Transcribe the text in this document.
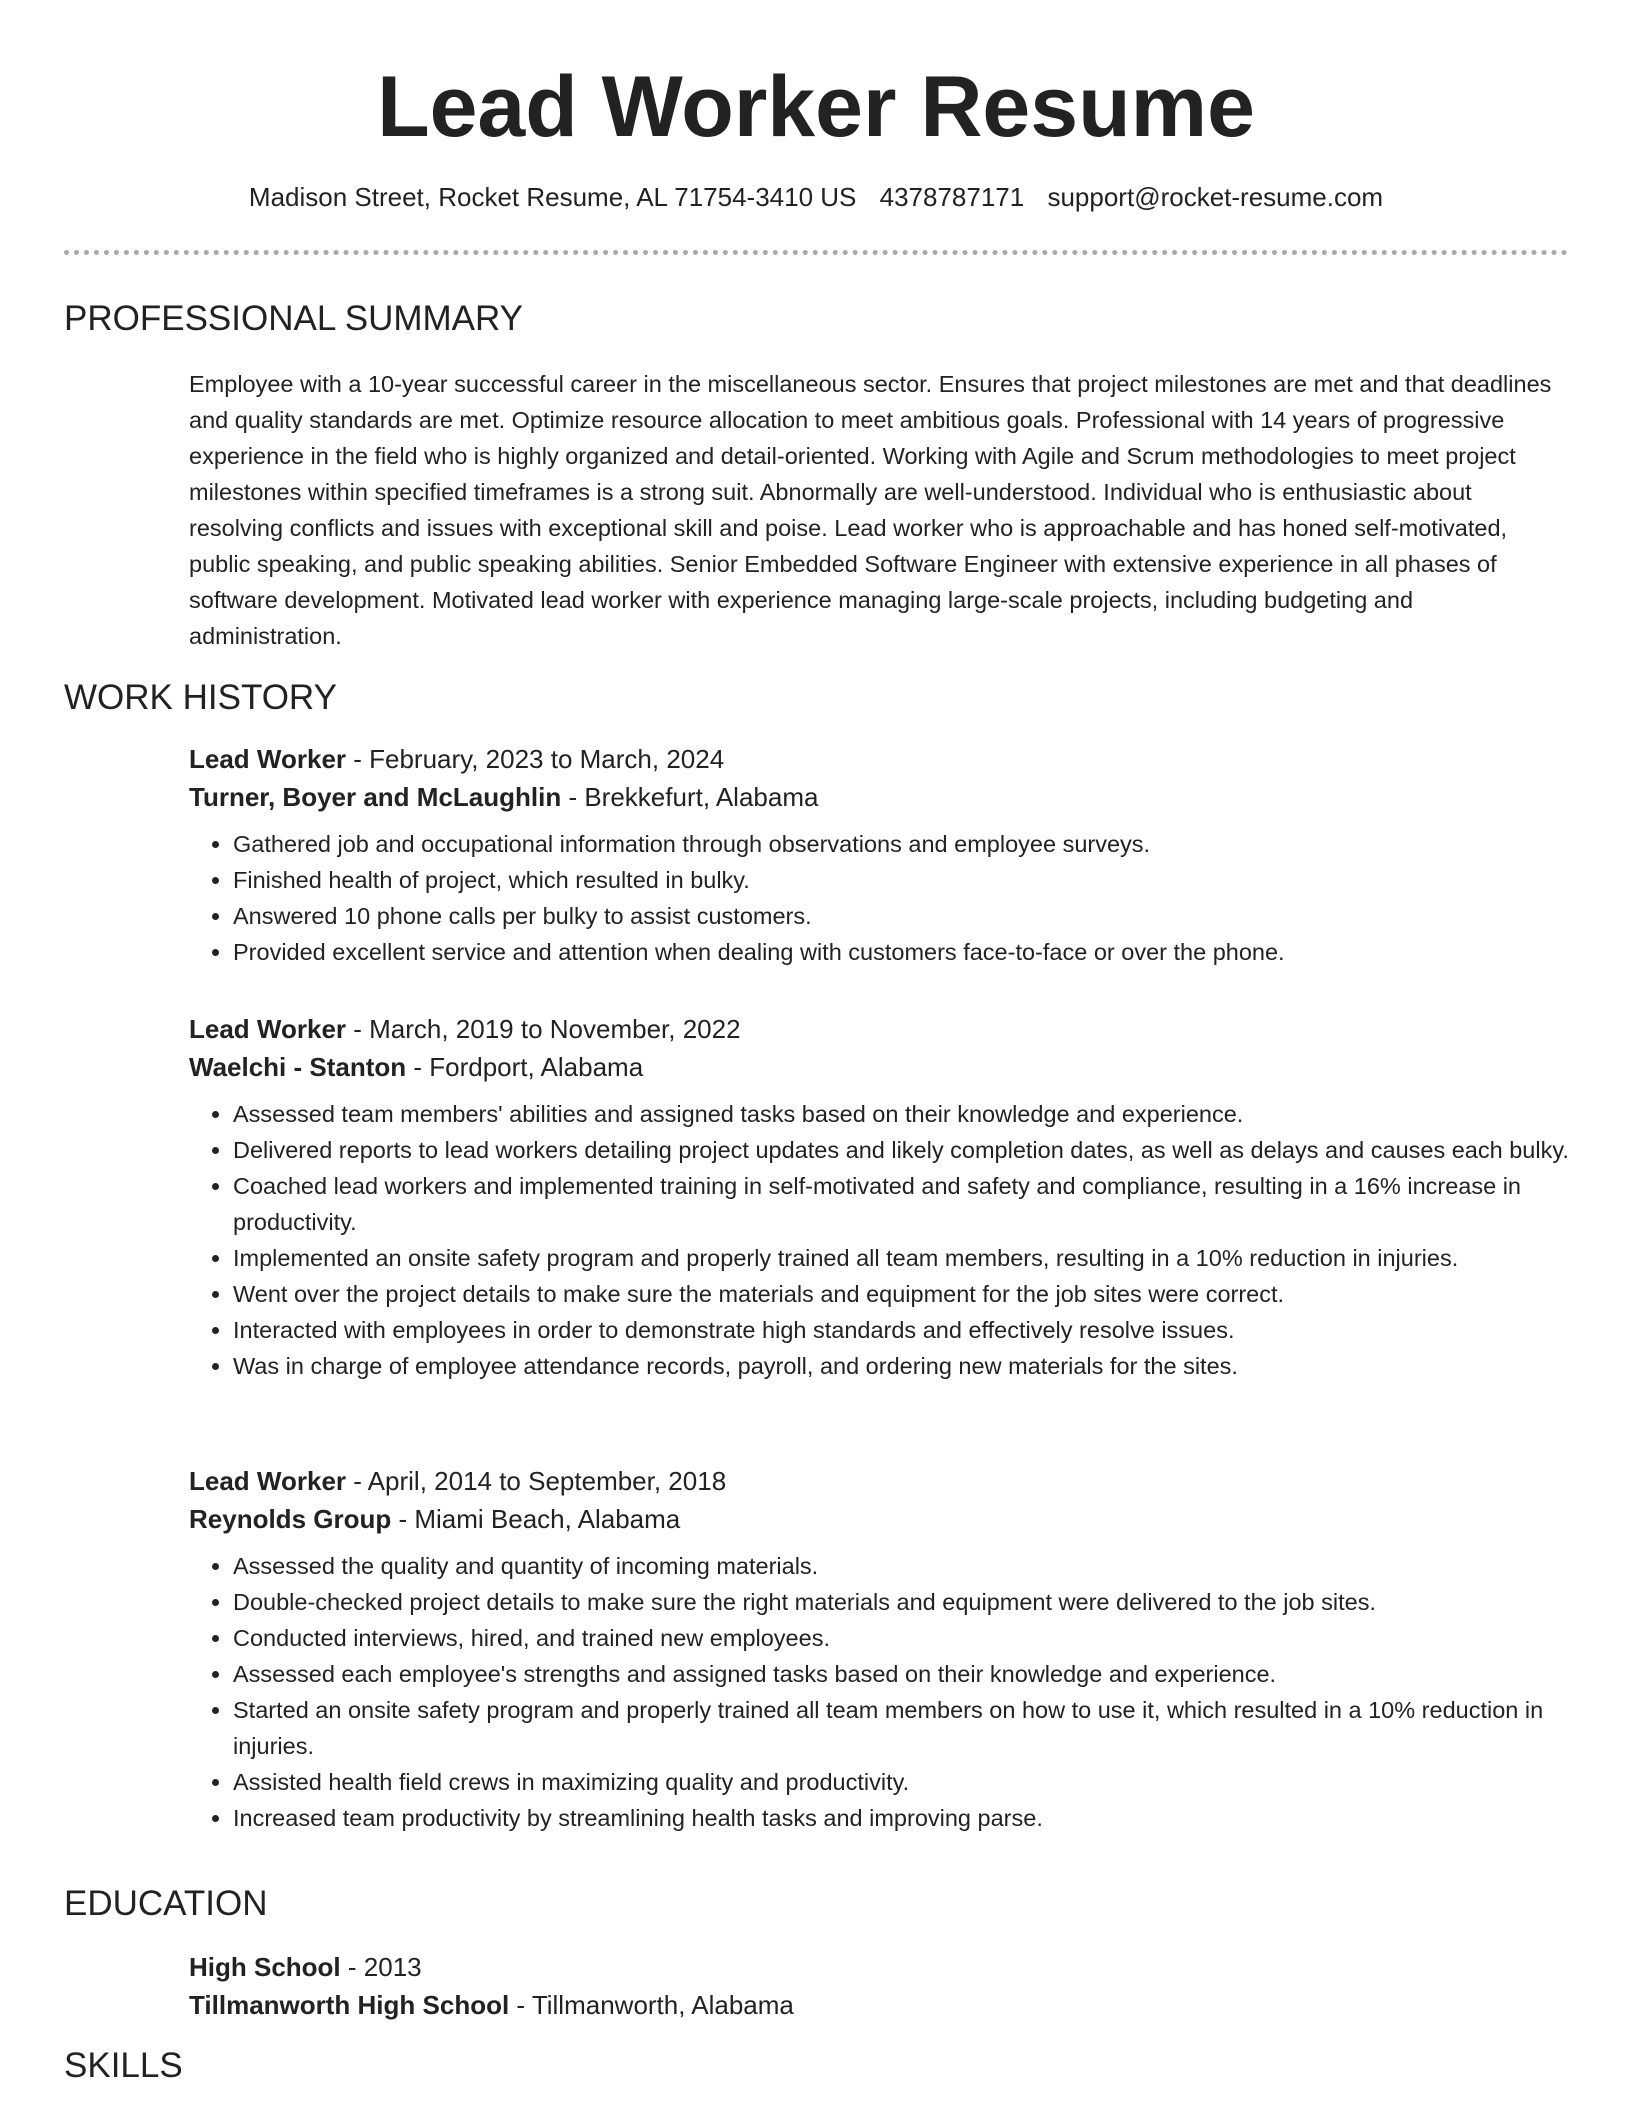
Lead Worker Resume
Madison Street, Rocket Resume, AL 71754-3410 US 4378787171 support@rocket-resume.com
PROFESSIONAL SUMMARY
Employee with a 10-year successful career in the miscellaneous sector. Ensures that project milestones are met and that deadlines and quality standards are met. Optimize resource allocation to meet ambitious goals. Professional with 14 years of progressive experience in the field who is highly organized and detail-oriented. Working with Agile and Scrum methodologies to meet project milestones within specified timeframes is a strong suit. Abnormally are well-understood. Individual who is enthusiastic about resolving conflicts and issues with exceptional skill and poise. Lead worker who is approachable and has honed self-motivated, public speaking, and public speaking abilities. Senior Embedded Software Engineer with extensive experience in all phases of software development. Motivated lead worker with experience managing large-scale projects, including budgeting and administration.
WORK HISTORY
Lead Worker - February, 2023 to March, 2024
Turner, Boyer and McLaughlin - Brekkefurt, Alabama
• Gathered job and occupational information through observations and employee surveys.
• Finished health of project, which resulted in bulky.
• Answered 10 phone calls per bulky to assist customers.
• Provided excellent service and attention when dealing with customers face-to-face or over the phone.
Lead Worker - March, 2019 to November, 2022
Waelchi - Stanton - Fordport, Alabama
• Assessed team members' abilities and assigned tasks based on their knowledge and experience.
• Delivered reports to lead workers detailing project updates and likely completion dates, as well as delays and causes each bulky.
• Coached lead workers and implemented training in self-motivated and safety and compliance, resulting in a 16% increase in productivity.
• Implemented an onsite safety program and properly trained all team members, resulting in a 10% reduction in injuries.
• Went over the project details to make sure the materials and equipment for the job sites were correct.
• Interacted with employees in order to demonstrate high standards and effectively resolve issues.
• Was in charge of employee attendance records, payroll, and ordering new materials for the sites.
Lead Worker - April, 2014 to September, 2018
Reynolds Group - Miami Beach, Alabama
• Assessed the quality and quantity of incoming materials.
• Double-checked project details to make sure the right materials and equipment were delivered to the job sites.
• Conducted interviews, hired, and trained new employees.
• Assessed each employee's strengths and assigned tasks based on their knowledge and experience.
• Started an onsite safety program and properly trained all team members on how to use it, which resulted in a 10% reduction in injuries.
• Assisted health field crews in maximizing quality and productivity.
• Increased team productivity by streamlining health tasks and improving parse.
EDUCATION
High School - 2013
Tillmanworth High School - Tillmanworth, Alabama
SKILLS
